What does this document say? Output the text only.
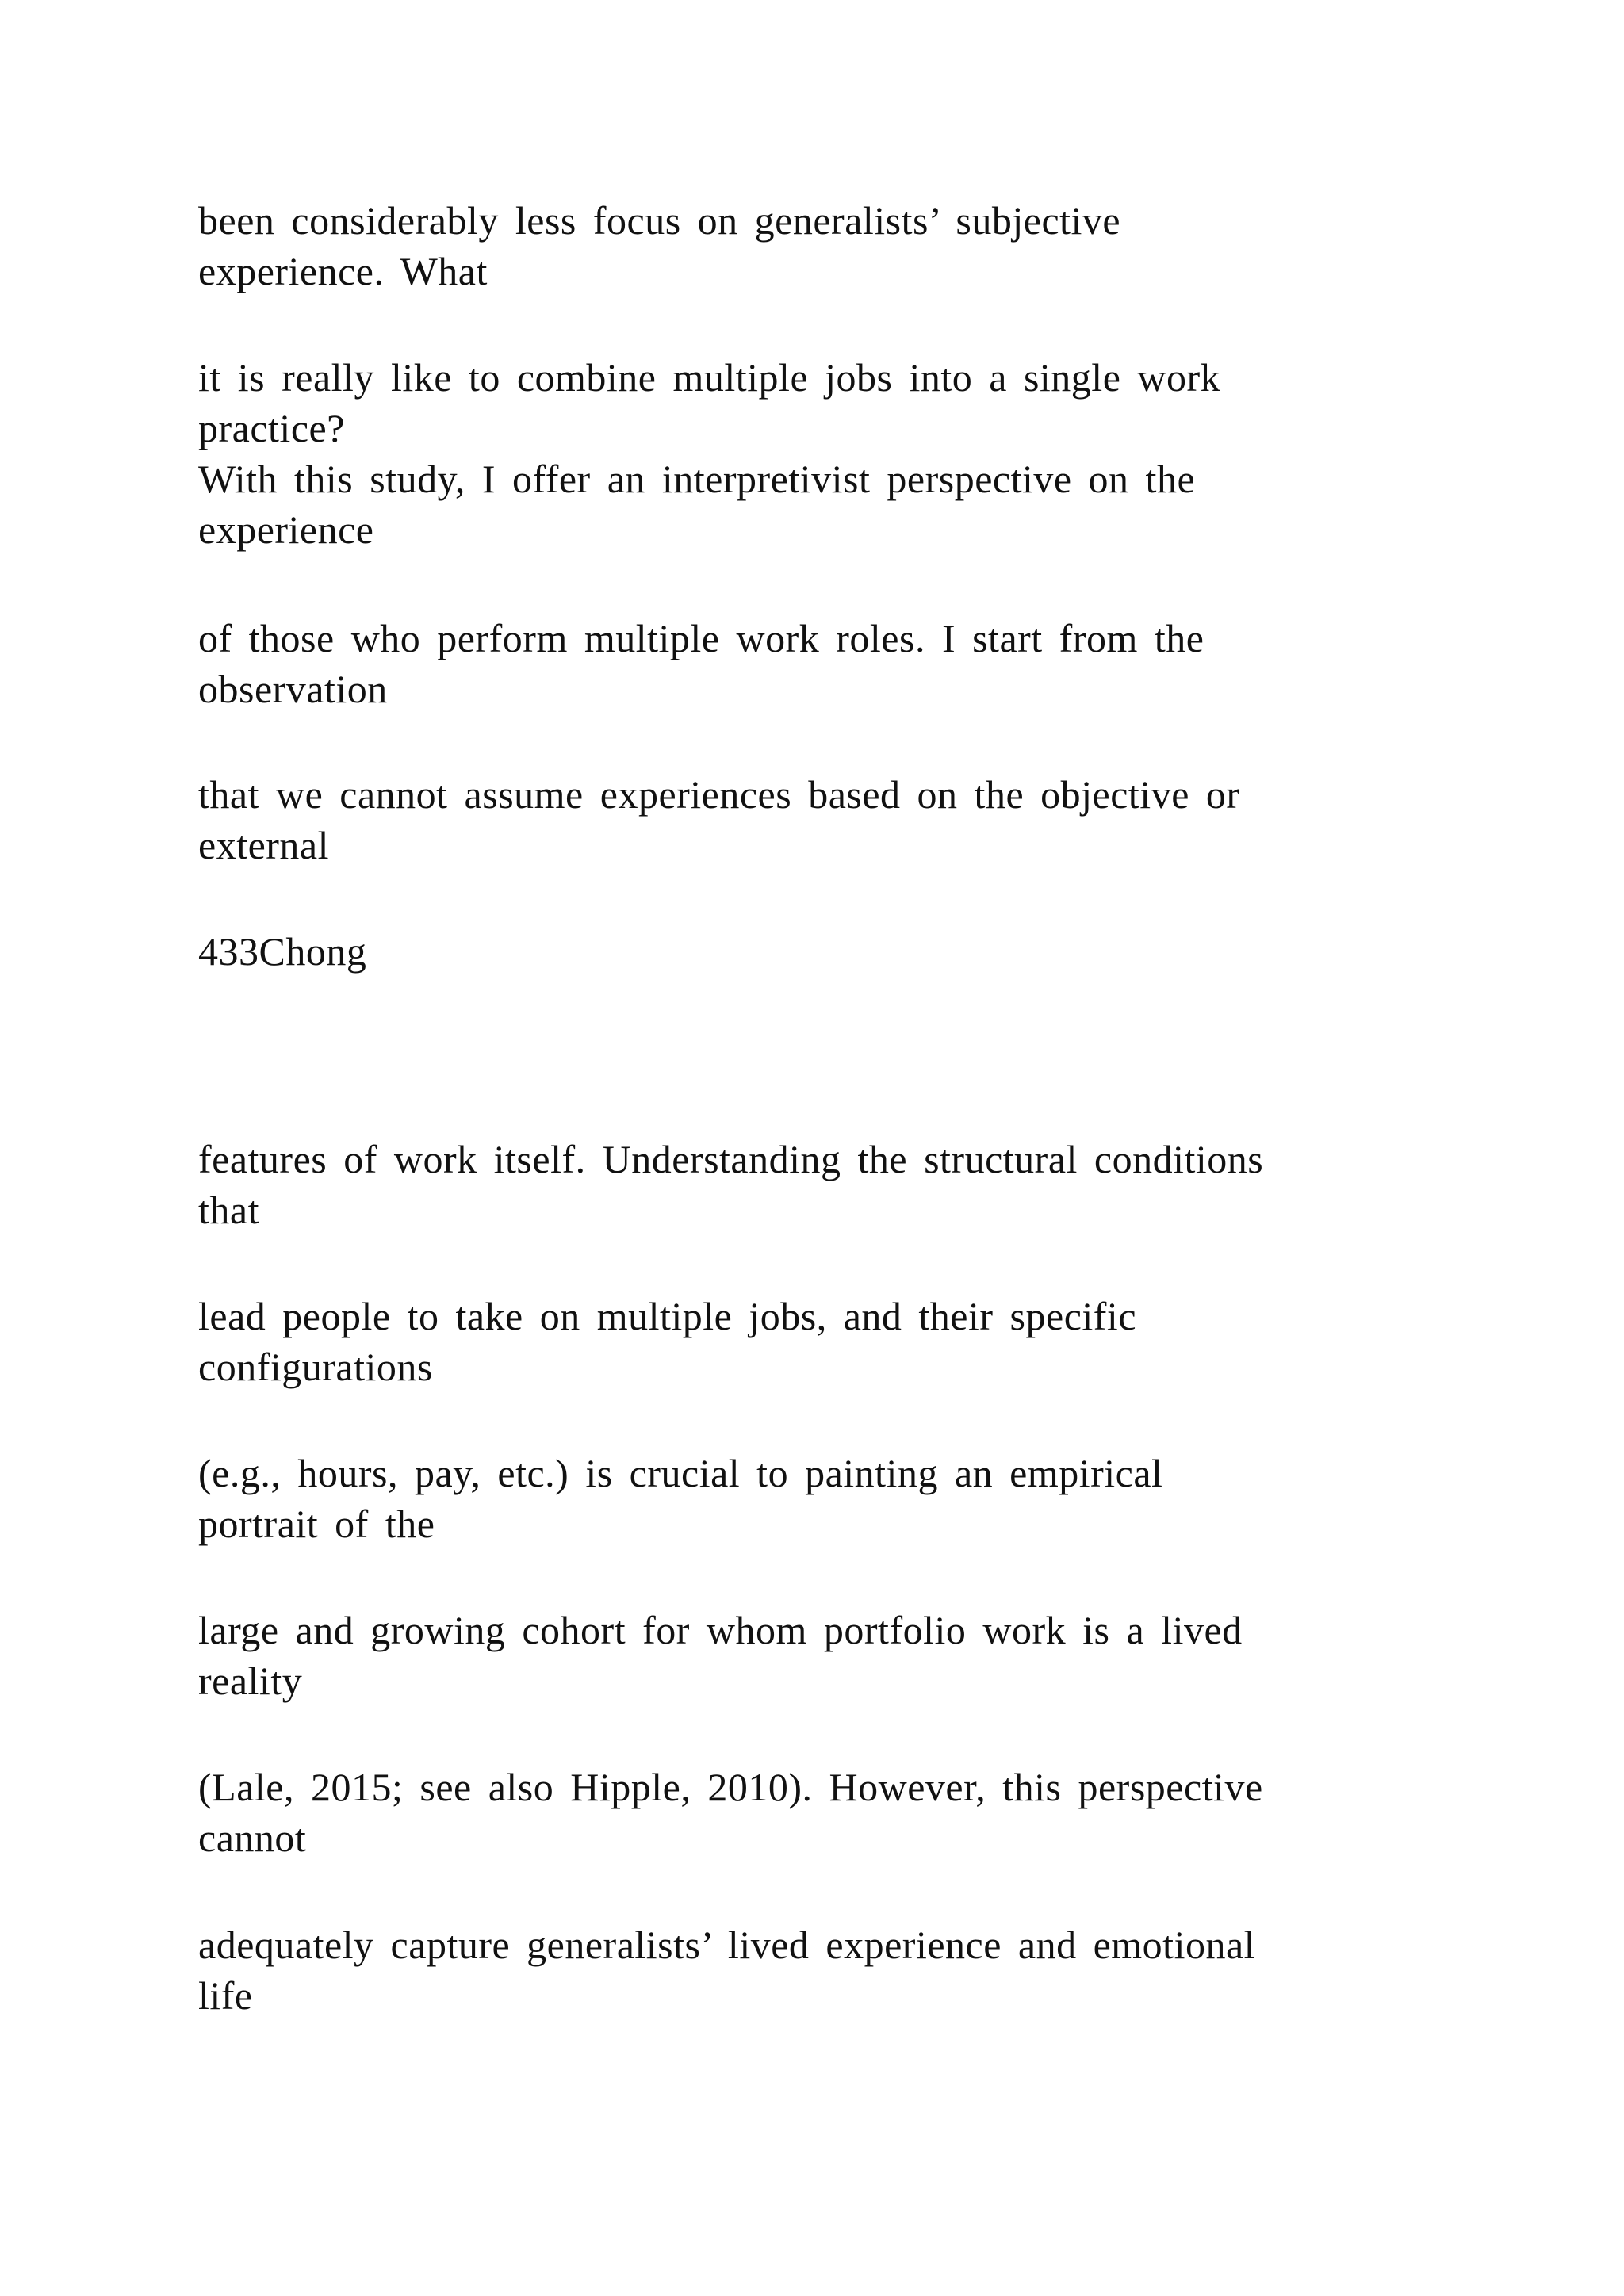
been considerably less focus on generalists’ subjective

experience. What

it is really like to combine multiple jobs into a single work

practice?

With this study, I offer an interpretivist perspective on the

experience

of those who perform multiple work roles. I start from the

observation

that we cannot assume experiences based on the objective or

external

433Chong

features of work itself. Understanding the structural conditions

that

lead people to take on multiple jobs, and their specific

configurations

(e.g., hours, pay, etc.) is crucial to painting an empirical

portrait of the

large and growing cohort for whom portfolio work is a lived

reality

(Lale, 2015; see also Hipple, 2010). However, this perspective

cannot

adequately capture generalists’ lived experience and emotional

life
